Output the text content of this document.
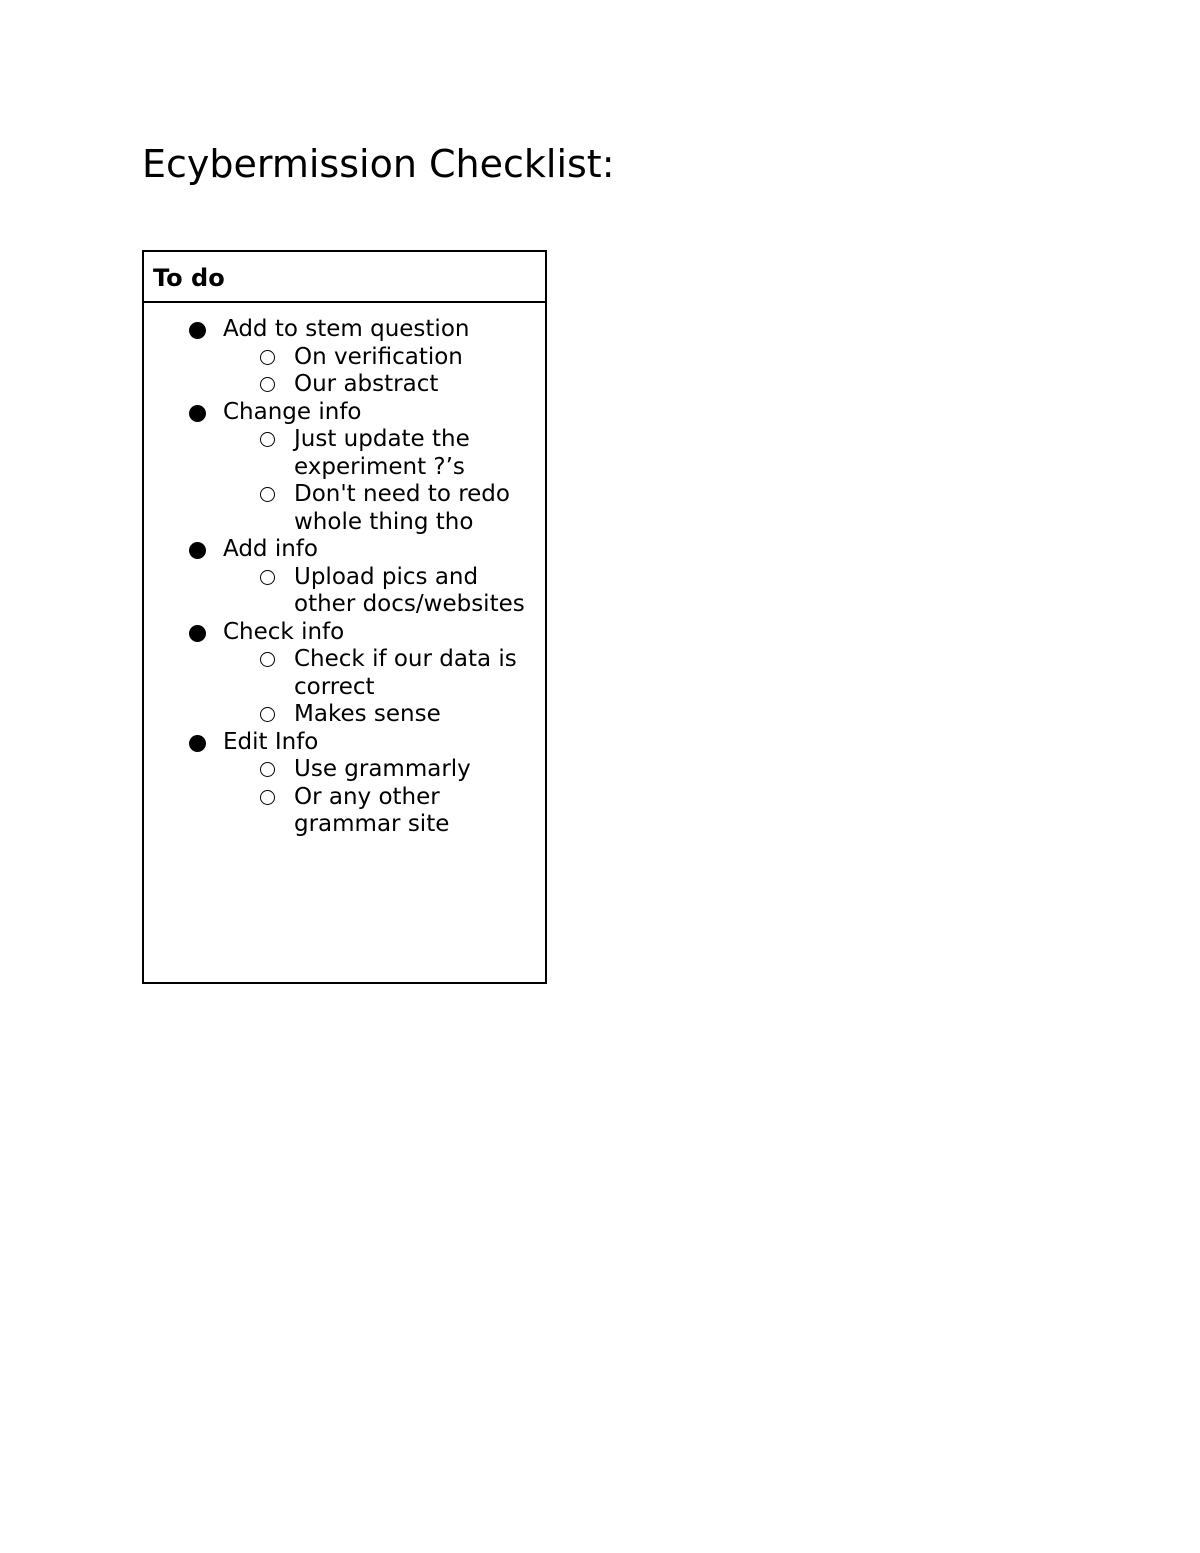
Ecybermission Checklist:
To do
Add to stem question
On verification
Our abstract
Change info
Just update the experiment ?’s
Don't need to redo whole thing tho
Add info
Upload pics and other docs/websites
Check info
Check if our data is correct
Makes sense
Edit Info
Use grammarly
Or any other grammar site
